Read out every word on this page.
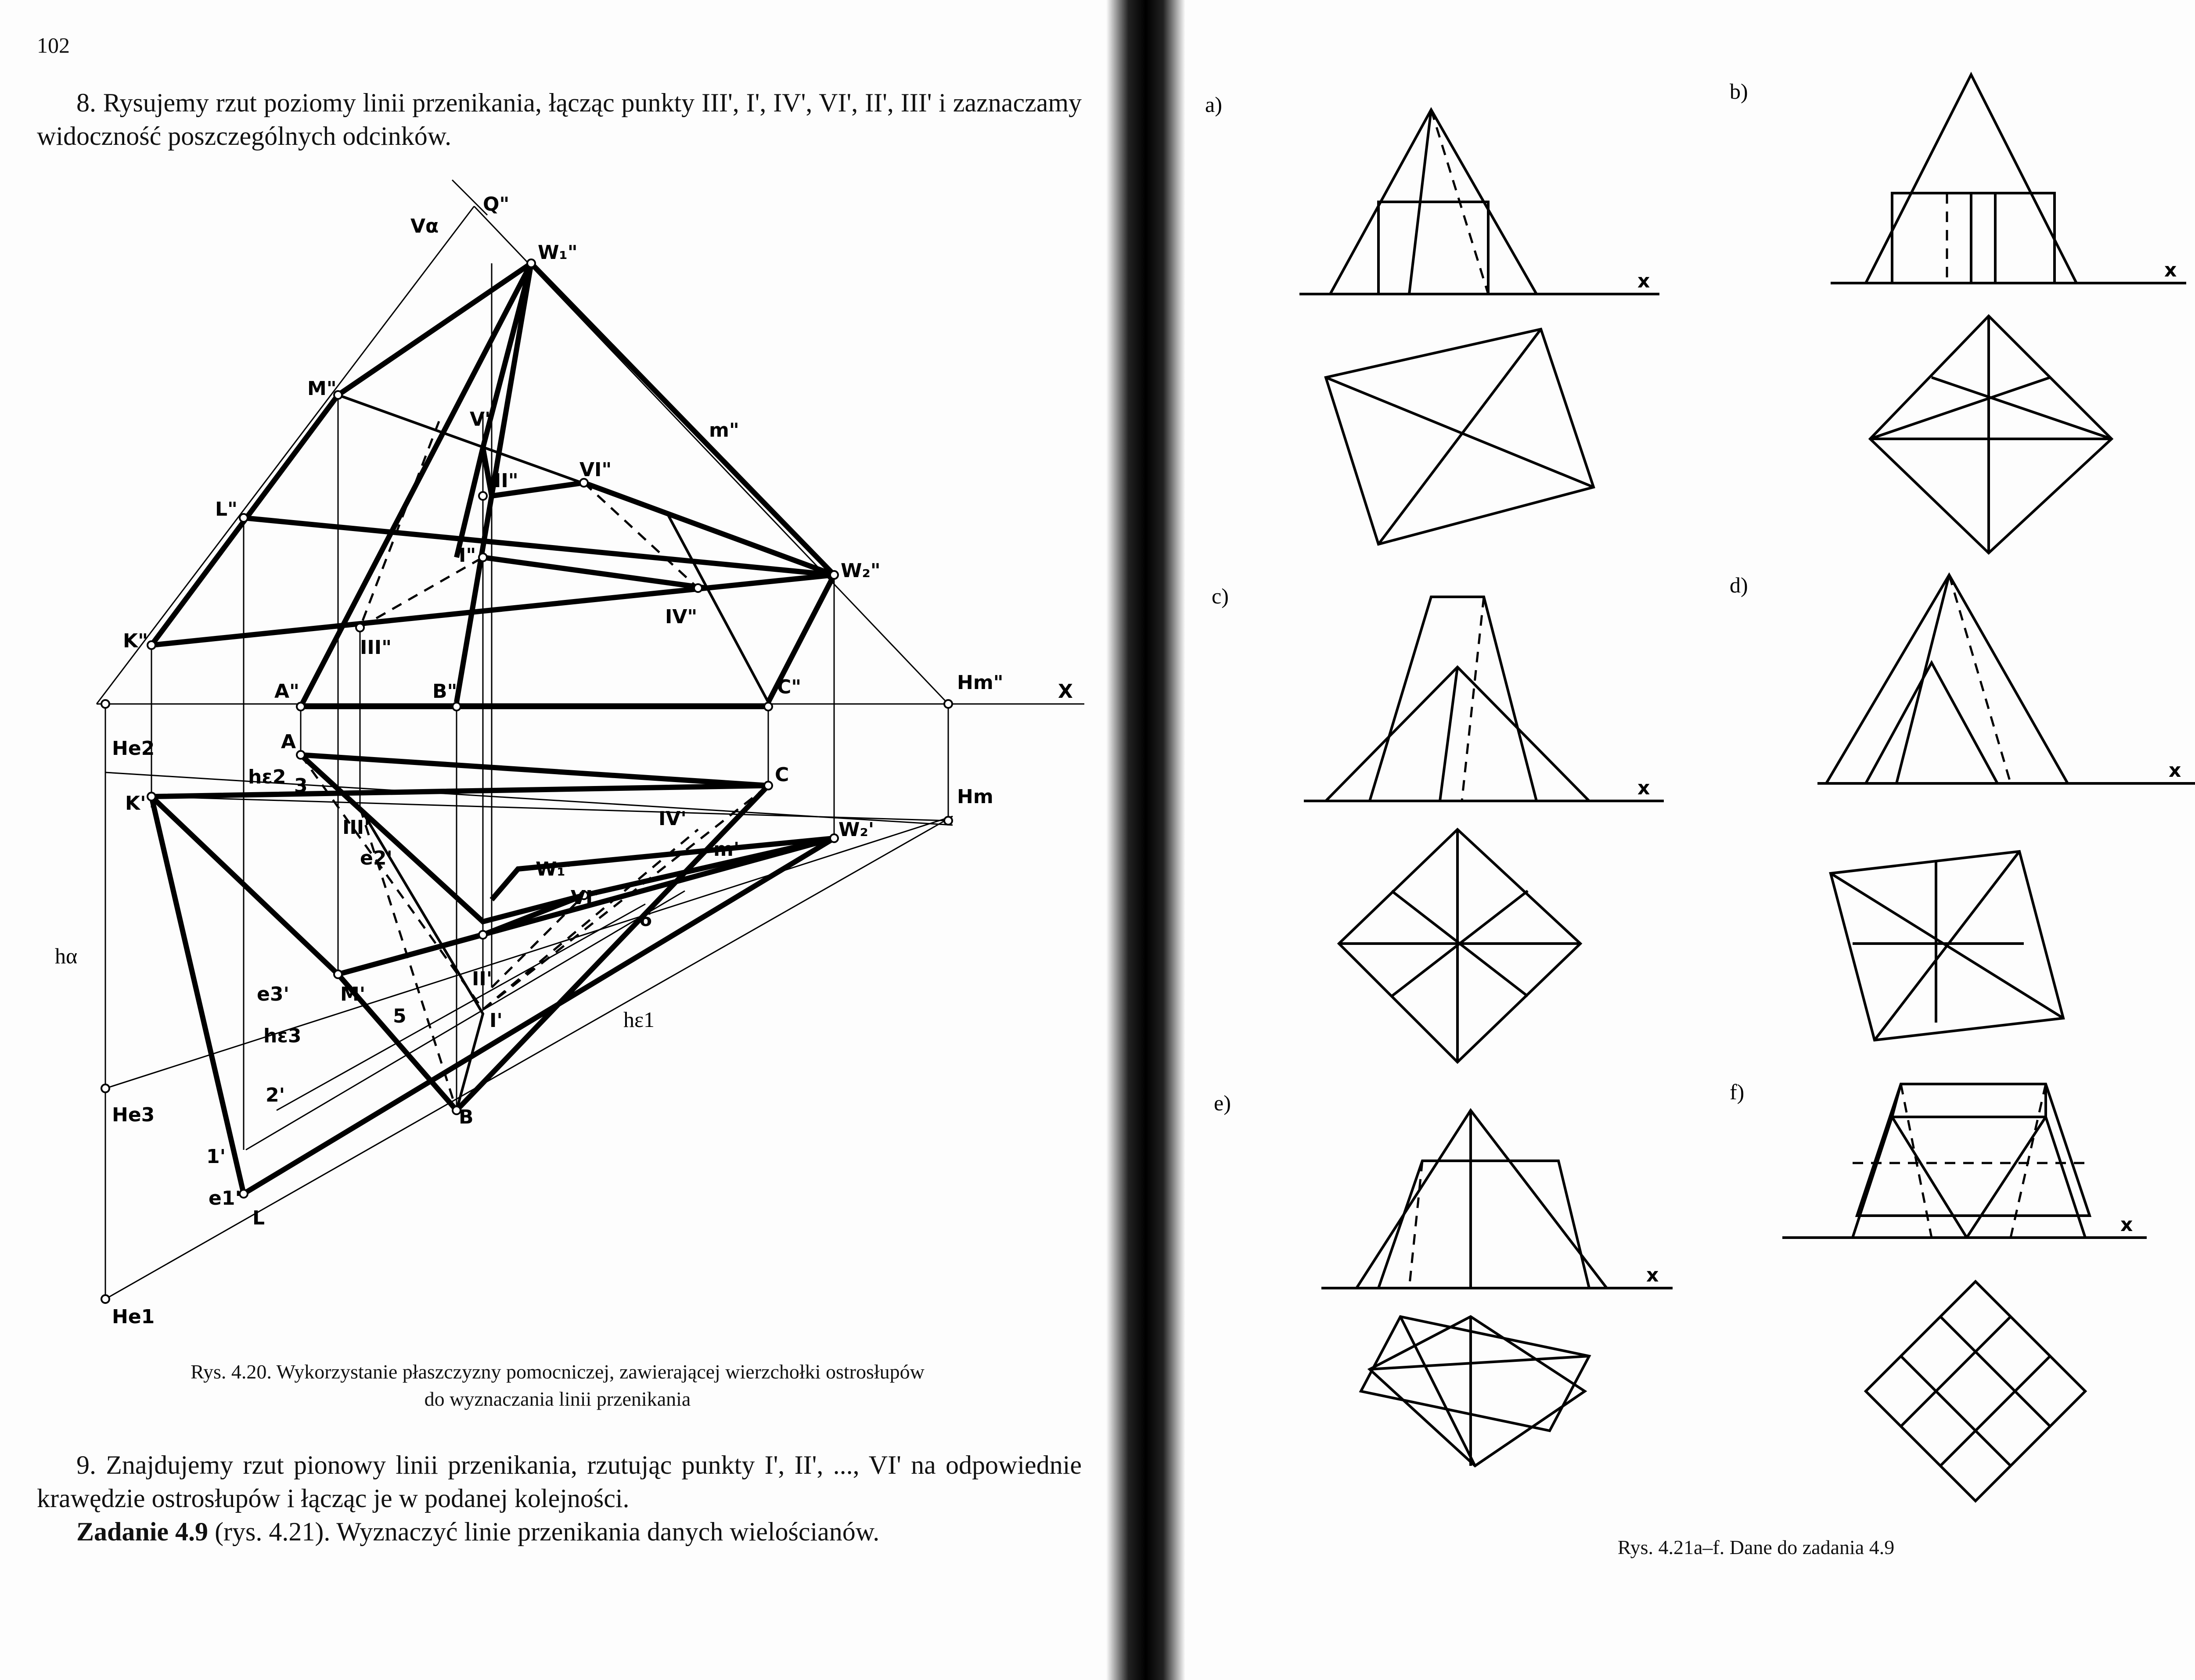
102
8. Rysujemy rzut poziomy linii przenikania, łącząc punkty III', I', IV', VI', II', III' i zaznaczamy widoczność poszczególnych odcinków.
Q"
W₁"
Vα
M"
m"
V"
II"	VI"
L"
I"
W₂"
IV"
III"
K"
A"	B"	C"	Hm"	X
He2	A
hε2 3	C
K'	Hm
III'	IV'	W₂'
m'
e2'	W₁'
VI'
6
hα
e3'	M'
5
hε3
hε1
II'
I'
2'
B
He3
1'
e1'
L
He1
Rys. 4.20. Wykorzystanie płaszczyzny pomocniczej, zawierającej wierzchołki ostrosłupów
do wyznaczania linii przenikania
9. Znajdujemy rzut pionowy linii przenikania, rzutując punkty I', II', ..., VI' na odpowiednie krawędzie ostrosłupów i łącząc je w podanej kolejności.
Zadanie 4.9 (rys. 4.21). Wyznaczyć linie przenikania danych wielościanów.
a)
x
b)
x
c)
x
d)
x
e)
x
f)
x
Rys. 4.21a–f. Dane do zadania 4.9
